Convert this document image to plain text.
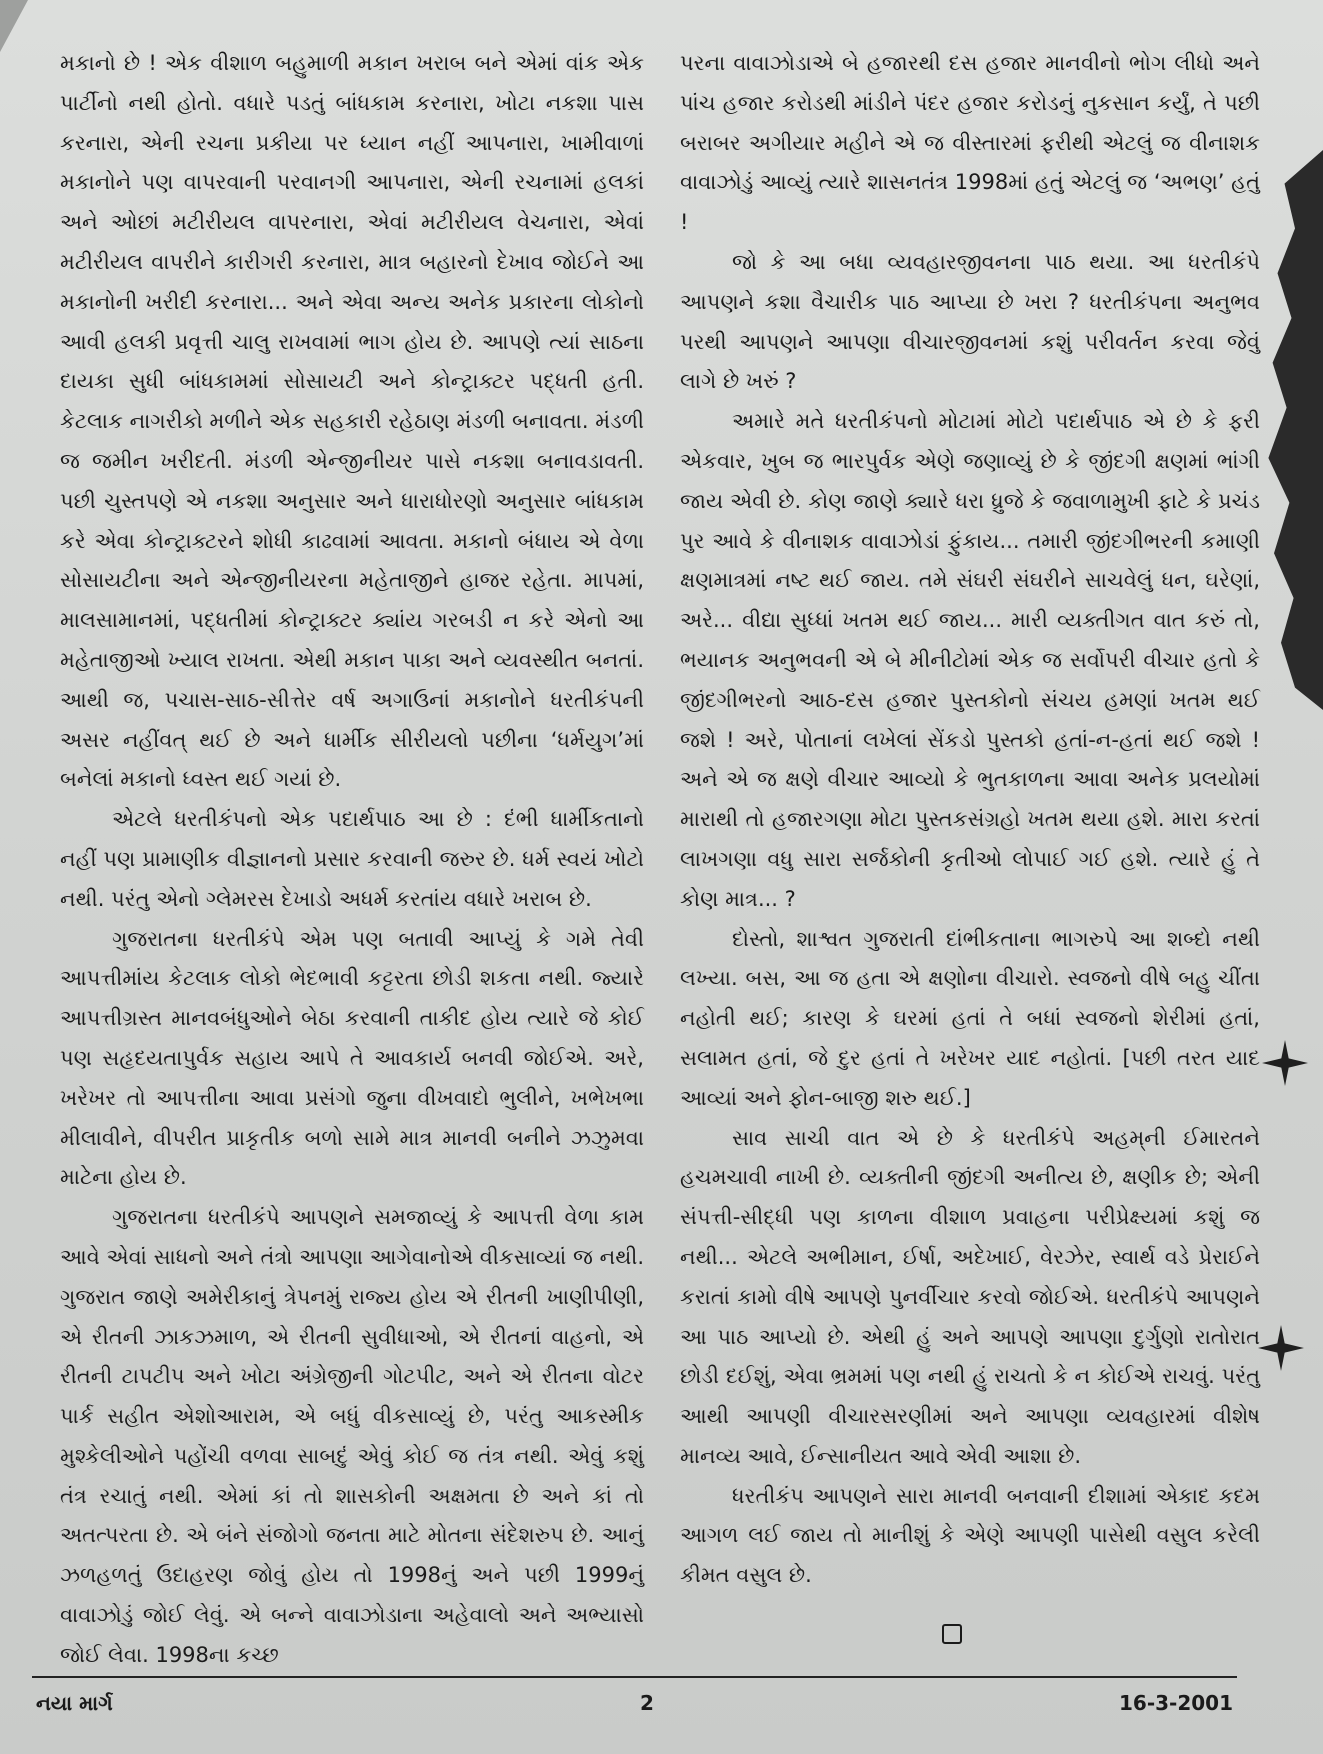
મકાનો છે ! એક વીશાળ બહુમાળી મકાન ખરાબ બને એમાં વાંક એક પાર્ટીનો નથી હોતો. વધારે પડતું બાંધકામ કરનારા, ખોટા નકશા પાસ કરનારા, એની રચના પ્રકીયા પર ધ્યાન નહીં આપનારા, ખામીવાળાં મકાનોને પણ વાપરવાની પરવાનગી આપનારા, એની રચનામાં હલકાં અને ઓછાં મટીરીયલ વાપરનારા, એવાં મટીરીયલ વેચનારા, એવાં મટીરીયલ વાપરીને કારીગરી કરનારા, માત્ર બહારનો દેખાવ જોઈને આ મકાનોની ખરીદી કરનારા... અને એવા અન્ય અનેક પ્રકારના લોકોનો આવી હલકી પ્રવૃત્તી ચાલુ રાખવામાં ભાગ હોય છે. આપણે ત્યાં સાઠના દાયકા સુધી બાંધકામમાં સોસાયટી અને કોન્ટ્રાક્ટર પદ્ધતી હતી. કેટલાક નાગરીકો મળીને એક સહકારી રહેઠાણ મંડળી બનાવતા. મંડળી જ જમીન ખરીદતી. મંડળી એન્જીનીયર પાસે નકશા બનાવડાવતી. પછી ચુસ્તપણે એ નકશા અનુસાર અને ધારાધોરણો અનુસાર બાંધકામ કરે એવા કોન્ટ્રાક્ટરને શોધી કાઢવામાં આવતા. મકાનો બંધાય એ વેળા સોસાયટીના અને એન્જીનીયરના મહેતાજીને હાજર રહેતા. માપમાં, માલસામાનમાં, પદ્ધતીમાં કોન્ટ્રાક્ટર ક્યાંય ગરબડી ન કરે એનો આ મહેતાજીઓ ખ્યાલ રાખતા. એથી મકાન પાકા અને વ્યવસ્થીત બનતાં. આથી જ, પચાસ-સાઠ-સીત્તેર વર્ષ અગાઉનાં મકાનોને ધરતીકંપની અસર નહીંવત્ થઈ છે અને ધાર્મીક સીરીયલો પછીના ‘ધર્મયુગ’માં બનેલાં મકાનો ધ્વસ્ત થઈ ગયાં છે.

એટલે ધરતીકંપનો એક પદાર્થપાઠ આ છે : દંભી ધાર્મીકતાનો નહીં પણ પ્રામાણીક વીજ્ઞાનનો પ્રસાર કરવાની જરુર છે. ધર્મ સ્વયં ખોટો નથી. પરંતુ એનો ગ્લેમરસ દેખાડો અધર્મ કરતાંય વધારે ખરાબ છે.

ગુજરાતના ધરતીકંપે એમ પણ બતાવી આપ્યું કે ગમે તેવી આપત્તીમાંય કેટલાક લોકો ભેદભાવી કટ્ટરતા છોડી શકતા નથી. જ્યારે આપત્તીગ્રસ્ત માનવબંધુઓને બેઠા કરવાની તાકીદ હોય ત્યારે જે કોઈ પણ સહૃદયતાપુર્વક સહાય આપે તે આવકાર્ય બનવી જોઈએ. અરે, ખરેખર તો આપત્તીના આવા પ્રસંગો જુના વીખવાદો ભુલીને, ખભેખભા મીલાવીને, વીપરીત પ્રાકૃતીક બળો સામે માત્ર માનવી બનીને ઝઝુમવા માટેના હોય છે.

ગુજરાતના ધરતીકંપે આપણને સમજાવ્યું કે આપત્તી વેળા કામ આવે એવાં સાધનો અને તંત્રો આપણા આગેવાનોએ વીકસાવ્યાં જ નથી. ગુજરાત જાણે અમેરીકાનું ત્રેપનમું રાજ્ય હોય એ રીતની ખાણીપીણી, એ રીતની ઝાકઝમાળ, એ રીતની સુવીધાઓ, એ રીતનાં વાહનો, એ રીતની ટાપટીપ અને ખોટા અંગ્રેજીની ગોટપીટ, અને એ રીતના વોટર પાર્ક સહીત એશોઆરામ, એ બધું વીકસાવ્યું છે, પરંતુ આકસ્મીક મુશ્કેલીઓને પહોંચી વળવા સાબદું એવું કોઈ જ તંત્ર નથી. એવું કશું તંત્ર રચાતું નથી. એમાં કાં તો શાસકોની અક્ષમતા છે અને કાં તો અતત્પરતા છે. એ બંને સંજોગો જનતા માટે મોતના સંદેશરુપ છે. આનું ઝળહળતું ઉદાહરણ જોવું હોય તો 1998નું અને પછી 1999નું વાવાઝોડું જોઈ લેવું. એ બન્ને વાવાઝોડાના અહેવાલો અને અભ્યાસો જોઈ લેવા. 1998ના કચ્છ

પરના વાવાઝોડાએ બે હજારથી દસ હજાર માનવીનો ભોગ લીધો અને પાંચ હજાર કરોડથી માંડીને પંદર હજાર કરોડનું નુકસાન કર્યું, તે પછી બરાબર અગીયાર મહીને એ જ વીસ્તારમાં ફરીથી એટલું જ વીનાશક વાવાઝોડું આવ્યું ત્યારે શાસનતંત્ર 1998માં હતું એટલું જ ‘અભણ’ હતું !

જો કે આ બધા વ્યવહારજીવનના પાઠ થયા. આ ધરતીકંપે આપણને કશા વૈચારીક પાઠ આપ્યા છે ખરા ? ધરતીકંપના અનુભવ પરથી આપણને આપણા વીચારજીવનમાં કશું પરીવર્તન કરવા જેવું લાગે છે ખરું ?

અમારે મતે ધરતીકંપનો મોટામાં મોટો પદાર્થપાઠ એ છે કે ફરી એકવાર, ખુબ જ ભારપુર્વક એણે જણાવ્યું છે કે જીંદગી ક્ષણમાં ભાંગી જાય એવી છે. કોણ જાણે ક્યારે ધરા ધ્રુજે કે જવાળામુખી ફાટે કે પ્રચંડ પુર આવે કે વીનાશક વાવાઝોડાં ફુંકાય... તમારી જીંદગીભરની કમાણી ક્ષણમાત્રમાં નષ્ટ થઈ જાય. તમે સંઘરી સંઘરીને સાચવેલું ધન, ઘરેણાં, અરે... વીદ્યા સુધ્ધાં ખતમ થઈ જાય... મારી વ્યક્તીગત વાત કરું તો, ભયાનક અનુભવની એ બે મીનીટોમાં એક જ સર્વોપરી વીચાર હતો કે જીંદગીભરનો આઠ-દસ હજાર પુસ્તકોનો સંચય હમણાં ખતમ થઈ જશે ! અરે, પોતાનાં લખેલાં સેંકડો પુસ્તકો હતાં-ન-હતાં થઈ જશે ! અને એ જ ક્ષણે વીચાર આવ્યો કે ભુતકાળના આવા અનેક પ્રલયોમાં મારાથી તો હજારગણા મોટા પુસ્તકસંગ્રહો ખતમ થયા હશે. મારા કરતાં લાખગણા વધુ સારા સર્જકોની કૃતીઓ લોપાઈ ગઈ હશે. ત્યારે હું તે કોણ માત્ર... ?

દોસ્તો, શાશ્વત ગુજરાતી દાંભીકતાના ભાગરુપે આ શબ્દો નથી લખ્યા. બસ, આ જ હતા એ ક્ષણોના વીચારો. સ્વજનો વીષે બહુ ચીંતા નહોતી થઈ; કારણ કે ઘરમાં હતાં તે બધાં સ્વજનો શેરીમાં હતાં, સલામત હતાં, જે દુર હતાં તે ખરેખર યાદ નહોતાં. [પછી તરત યાદ આવ્યાં અને ફોન-બાજી શરુ થઈ.]

સાવ સાચી વાત એ છે કે ધરતીકંપે અહમ્‌ની ઈમારતને હચમચાવી નાખી છે. વ્યક્તીની જીંદગી અનીત્ય છે, ક્ષણીક છે; એની સંપત્તી-સીદ્ધી પણ કાળના વીશાળ પ્રવાહના પરીપ્રેક્ષ્યમાં કશું જ નથી... એટલે અભીમાન, ઈર્ષા, અદેખાઈ, વેરઝેર, સ્વાર્થ વડે પ્રેરાઈને કરાતાં કામો વીષે આપણે પુનર્વીચાર કરવો જોઈએ. ધરતીકંપે આપણને આ પાઠ આપ્યો છે. એથી હું અને આપણે આપણા દુર્ગુણો રાતોરાત છોડી દઈશું, એવા ભ્રમમાં પણ નથી હું રાચતો કે ન કોઈએ રાચવું. પરંતુ આથી આપણી વીચારસરણીમાં અને આપણા વ્યવહારમાં વીશેષ માનવ્ય આવે, ઈન્સાનીયત આવે એવી આશા છે.

ધરતીકંપ આપણને સારા માનવી બનવાની દીશામાં એકાદ કદમ આગળ લઈ જાય તો માનીશું કે એણે આપણી પાસેથી વસુલ કરેલી કીમત વસુલ છે.

નયા માર્ગ	2	16-3-2001
